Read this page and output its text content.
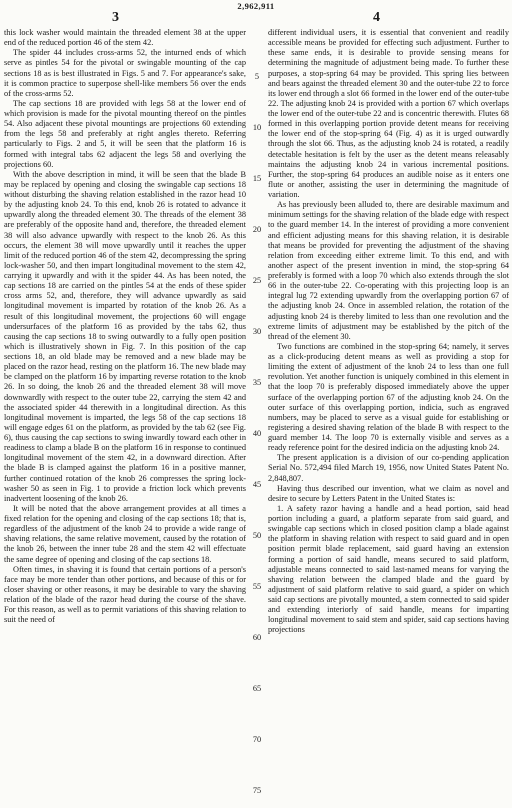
2,962,911
3	4

this lock washer would maintain the threaded element 38 at the upper end of the reduced portion 46 of the stem 42.

The spider 44 includes cross-arms 52, the inturned ends of which serve as pintles 54 for the pivotal or swingable mounting of the cap sections 18 as is best illustrated in Figs. 5 and 7. For appearance's sake, it is common practice to superpose shell-like members 56 over the ends of the cross-arms 52.

The cap sections 18 are provided with legs 58 at the lower end of which provision is made for the pivotal mounting thereof on the pintles 54. Also adjacent these pivotal mountings are projections 60 extending from the legs 58 and preferably at right angles thereto. Referring particularly to Figs. 2 and 5, it will be seen that the platform 16 is formed with integral tabs 62 adjacent the legs 58 and overlying the projections 60.

With the above description in mind, it will be seen that the blade B may be replaced by opening and closing the swingable cap sections 18 without disturbing the shaving relation established in the razor head 10 by the adjusting knob 24. To this end, knob 26 is rotated to advance it upwardly along the threaded element 30. The threads of the element 38 are preferably of the opposite hand and, therefore, the threaded element 38 will also advance upwardly with respect to the knob 26. As this occurs, the element 38 will move upwardly until it reaches the upper limit of the reduced portion 46 of the stem 42, decompressing the spring lock-washer 50, and then impart longitudinal movement to the stem 42, carrying it upwardly and with it the spider 44. As has been noted, the cap sections 18 are carried on the pintles 54 at the ends of these spider cross arms 52, and, therefore, they will advance upwardly as said longitudinal movement is imparted by rotation of the knob 26. As a result of this longitudinal movement, the projections 60 will engage undersurfaces of the platform 16 as provided by the tabs 62, thus causing the cap sections 18 to swing outwardly to a fully open position which is illustratively shown in Fig. 7. In this position of the cap sections 18, an old blade may be removed and a new blade may be placed on the razor head, resting on the platform 16. The new blade may be clamped on the platform 16 by imparting reverse rotation to the knob 26. In so doing, the knob 26 and the threaded element 38 will move downwardly with respect to the outer tube 22, carrying the stem 42 and the associated spider 44 therewith in a longitudinal direction. As this longitudinal movement is imparted, the legs 58 of the cap sections 18 will engage edges 61 on the platform, as provided by the tab 62 (see Fig. 6), thus causing the cap sections to swing inwardly toward each other in readiness to clamp a blade B on the platform 16 in response to continued longitudinal movement of the stem 42, in a downward direction. After the blade B is clamped against the platform 16 in a positive manner, further continued rotation of the knob 26 compresses the spring lock-washer 50 as seen in Fig. 1 to provide a friction lock which prevents inadvertent loosening of the knob 26.

It will be noted that the above arrangement provides at all times a fixed relation for the opening and closing of the cap sections 18; that is, regardless of the adjustment of the knob 24 to provide a wide range of shaving relations, the same relative movement, caused by the rotation of the knob 26, between the inner tube 28 and the stem 42 will effectuate the same degree of opening and closing of the cap sections 18.

Often times, in shaving it is found that certain portions of a person's face may be more tender than other portions, and because of this or for closer shaving or other reasons, it may be desirable to vary the shaving relation of the blade of the razor head during the course of the shave. For this reason, as well as to permit variations of this shaving relation to suit the need of

5
10
15
20
25
30
35
40
45
50
55
60
65
70
75

different individual users, it is essential that convenient and readily accessible means be provided for effecting such adjustment. Further to these same ends, it is desirable to provide sensing means for determining the magnitude of adjustment being made. To further these purposes, a stop-spring 64 may be provided. This spring lies between and bears against the threaded element 30 and the outer-tube 22 to force its lower end through a slot 66 formed in the lower end of the outer-tube 22. The adjusting knob 24 is provided with a portion 67 which overlaps the lower end of the outer-tube 22 and is concentric therewith. Flutes 68 formed in this overlapping portion provide detent means for receiving the lower end of the stop-spring 64 (Fig. 4) as it is urged outwardly through the slot 66. Thus, as the adjusting knob 24 is rotated, a readily detectable hesitation is felt by the user as the detent means releasably maintains the adjusting knob 24 in various incremental positions. Further, the stop-spring 64 produces an audible noise as it enters one flute or another, assisting the user in determining the magnitude of variation.

As has previously been alluded to, there are desirable maximum and minimum settings for the shaving relation of the blade edge with respect to the guard member 14. In the interest of providing a more convenient and efficient adjusting means for this shaving relation, it is desirable that means be provided for preventing the adjustment of the shaving relation from exceeding either extreme limit. To this end, and with another aspect of the present invention in mind, the stop-spring 64 preferably is formed with a loop 70 which also extends through the slot 66 in the outer-tube 22. Co-operating with this projecting loop is an integral lug 72 extending upwardly from the overlapping portion 67 of the adjusting knob 24. Once in assembled relation, the rotation of the adjusting knob 24 is thereby limited to less than one revolution and the extreme limits of adjustment may be established by the pitch of the thread of the element 30.

Two functions are combined in the stop-spring 64; namely, it serves as a click-producing detent means as well as providing a stop for limiting the extent of adjustment of the knob 24 to less than one full revolution. Yet another function is uniquely combined in this element in that the loop 70 is preferably disposed immediately above the upper surface of the overlapping portion 67 of the adjusting knob 24. On the outer surface of this overlapping portion, indicia, such as engraved numbers, may be placed to serve as a visual guide for establishing or registering a desired shaving relation of the blade B with respect to the guard member 14. The loop 70 is externally visible and serves as a ready reference point for the desired indicia on the adjusting knob 24.

The present application is a division of our co-pending application Serial No. 572,494 filed March 19, 1956, now United States Patent No. 2,848,807.

Having thus described our invention, what we claim as novel and desire to secure by Letters Patent in the United States is:

1. A safety razor having a handle and a head portion, said head portion including a guard, a platform separate from said guard, and swingable cap sections which in closed position clamp a blade against the platform in shaving relation with respect to said guard and in open position permit blade replacement, said guard having an extension forming a portion of said handle, means secured to said platform, adjustable means connected to said last-named means for varying the shaving relation between the clamped blade and the guard by adjustment of said platform relative to said guard, a spider on which said cap sections are pivotally mounted, a stem connected to said spider and extending interiorly of said handle, means for imparting longitudinal movement to said stem and spider, said cap sections having projections
